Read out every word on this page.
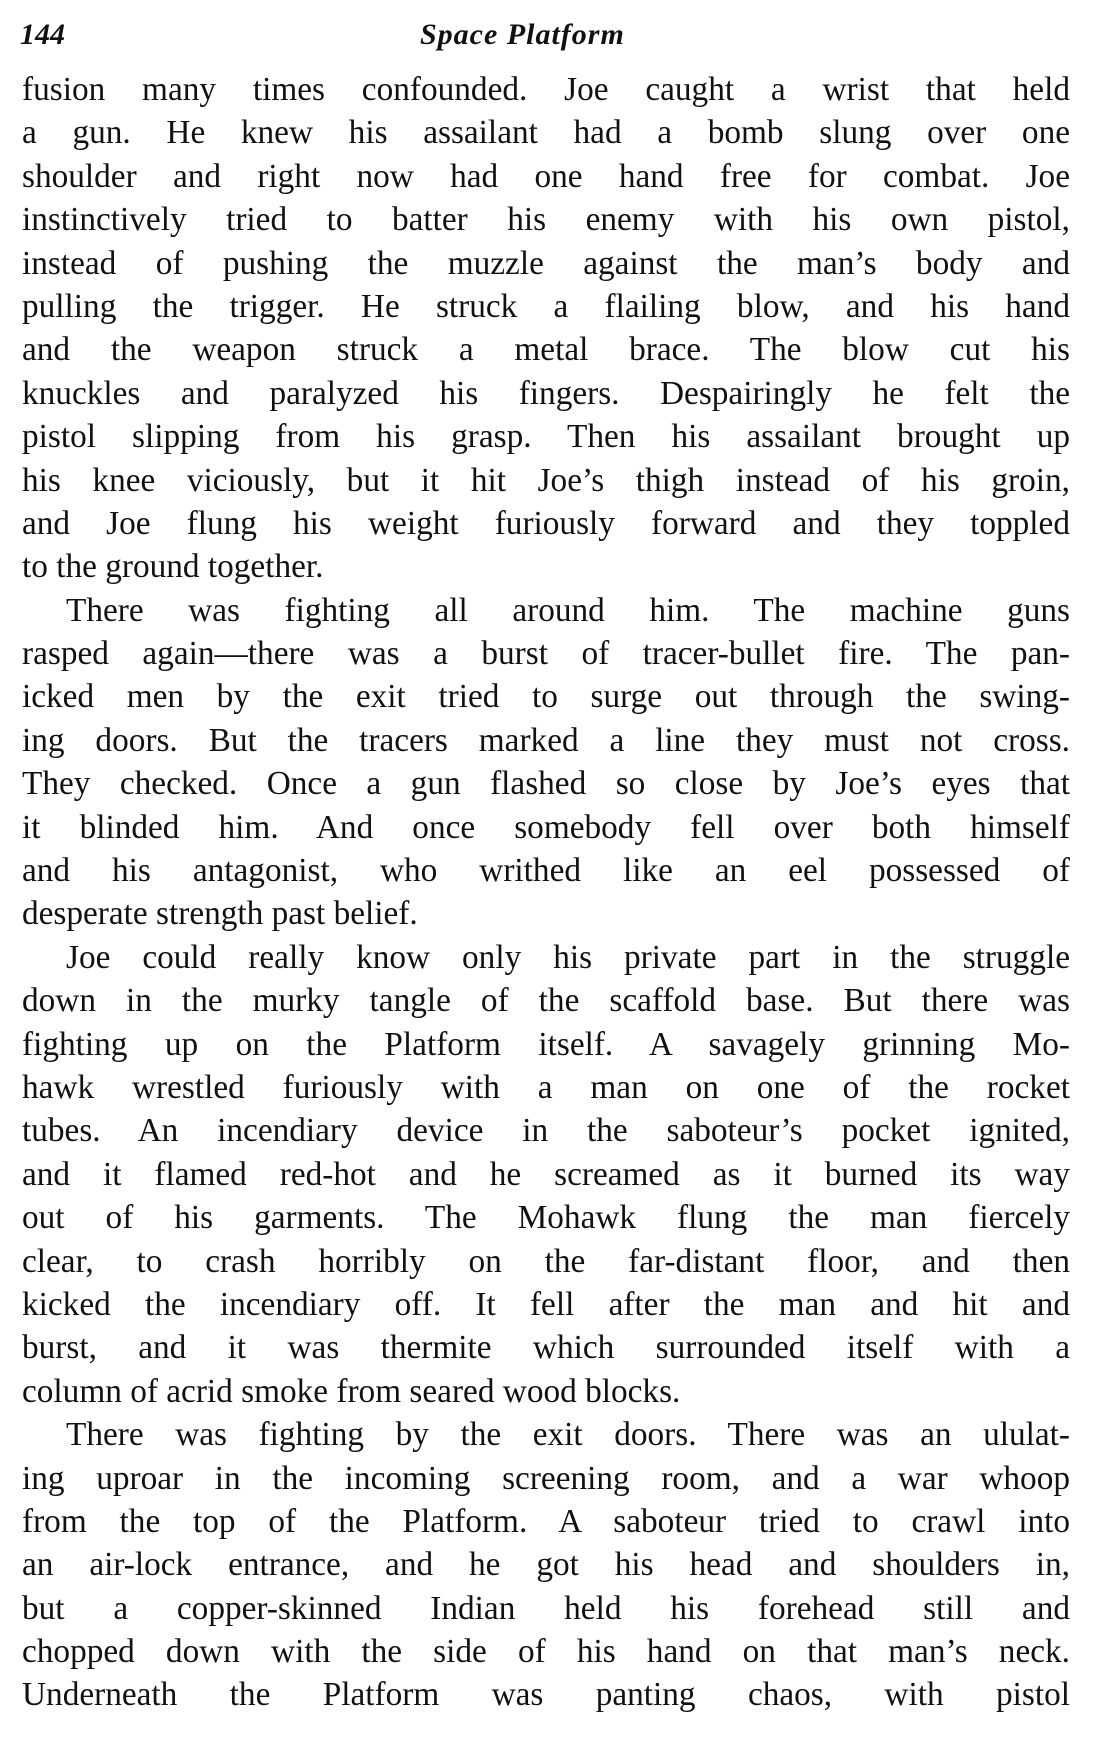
144	Space Platform
fusion many times confounded. Joe caught a wrist that held
a gun. He knew his assailant had a bomb slung over one
shoulder and right now had one hand free for combat. Joe
instinctively tried to batter his enemy with his own pistol,
instead of pushing the muzzle against the man’s body and
pulling the trigger. He struck a flailing blow, and his hand
and the weapon struck a metal brace. The blow cut his
knuckles and paralyzed his fingers. Despairingly he felt the
pistol slipping from his grasp. Then his assailant brought up
his knee viciously, but it hit Joe’s thigh instead of his groin,
and Joe flung his weight furiously forward and they toppled
to the ground together.
There was fighting all around him. The machine guns
rasped again—there was a burst of tracer-bullet fire. The pan-
icked men by the exit tried to surge out through the swing-
ing doors. But the tracers marked a line they must not cross.
They checked. Once a gun flashed so close by Joe’s eyes that
it blinded him. And once somebody fell over both himself
and his antagonist, who writhed like an eel possessed of
desperate strength past belief.
Joe could really know only his private part in the struggle
down in the murky tangle of the scaffold base. But there was
fighting up on the Platform itself. A savagely grinning Mo-
hawk wrestled furiously with a man on one of the rocket
tubes. An incendiary device in the saboteur’s pocket ignited,
and it flamed red-hot and he screamed as it burned its way
out of his garments. The Mohawk flung the man fiercely
clear, to crash horribly on the far-distant floor, and then
kicked the incendiary off. It fell after the man and hit and
burst, and it was thermite which surrounded itself with a
column of acrid smoke from seared wood blocks.
There was fighting by the exit doors. There was an ululat-
ing uproar in the incoming screening room, and a war whoop
from the top of the Platform. A saboteur tried to crawl into
an air-lock entrance, and he got his head and shoulders in,
but a copper-skinned Indian held his forehead still and
chopped down with the side of his hand on that man’s neck.
Underneath the Platform was panting chaos, with pistol
